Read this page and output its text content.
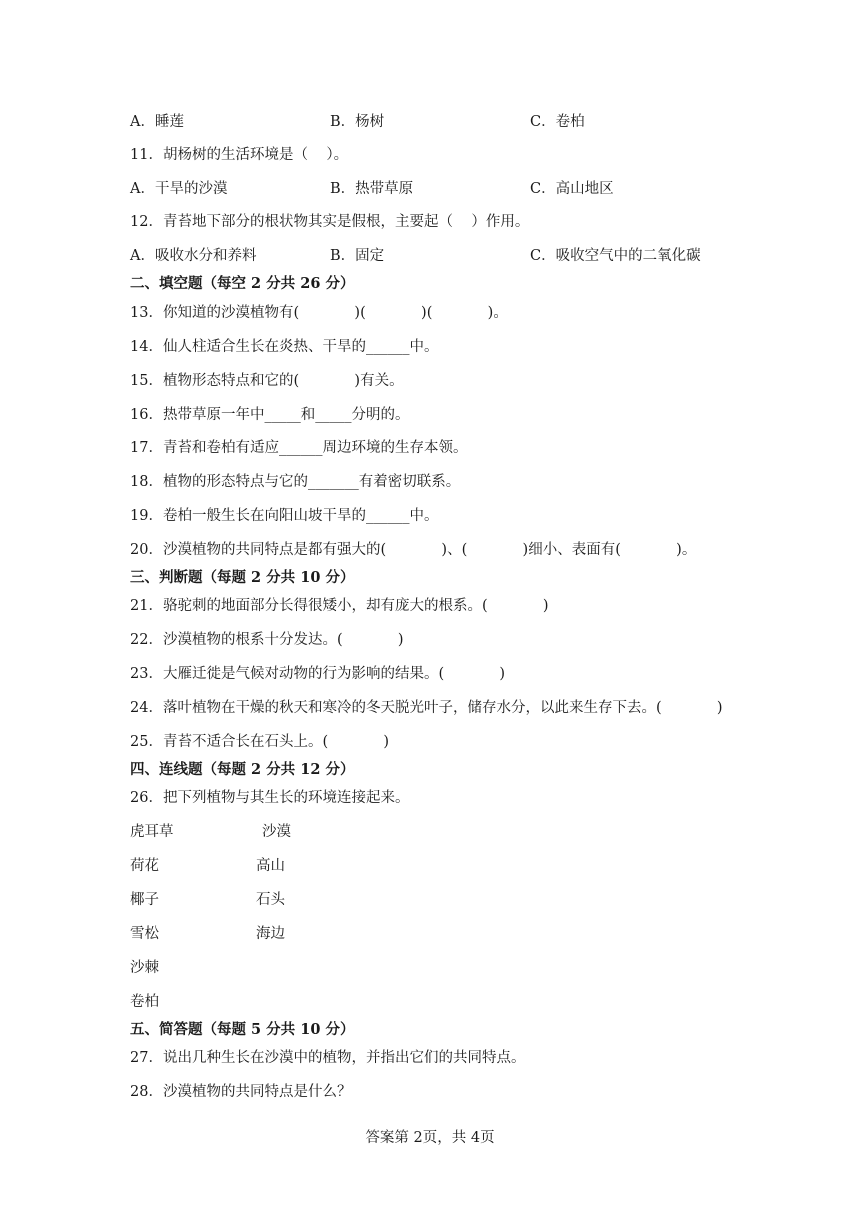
A．睡莲	B．杨树	C．卷柏
11．胡杨树的生活环境是（    ）。
A．干旱的沙漠	B．热带草原	C．高山地区
12．青苔地下部分的根状物其实是假根，主要起（    ）作用。
A．吸收水分和养料	B．固定	C．吸收空气中的二氧化碳
二、填空题（每空 2 分共 26 分）
13．你知道的沙漠植物有(            )(            )(            )。
14．仙人柱适合生长在炎热、干旱的______中。
15．植物形态特点和它的(            )有关。
16．热带草原一年中_____和_____分明的。
17．青苔和卷柏有适应______周边环境的生存本领。
18．植物的形态特点与它的_______有着密切联系。
19．卷柏一般生长在向阳山坡干旱的______中。
20．沙漠植物的共同特点是都有强大的(            )、(            )细小、表面有(            )。
三、判断题（每题 2 分共 10 分）
21．骆驼刺的地面部分长得很矮小，却有庞大的根系。(            )
22．沙漠植物的根系十分发达。(            )
23．大雁迁徙是气候对动物的行为影响的结果。(            )
24．落叶植物在干燥的秋天和寒冷的冬天脱光叶子，储存水分，以此来生存下去。(            )
25．青苔不适合长在石头上。(            )
四、连线题（每题 2 分共 12 分）
26．把下列植物与其生长的环境连接起来。
虎耳草
荷花
椰子
雪松
沙棘
卷柏
沙漠
高山
石头
海边
五、简答题（每题 5 分共 10 分）
27．说出几种生长在沙漠中的植物，并指出它们的共同特点。
28．沙漠植物的共同特点是什么？
答案第 2页，共 4页
